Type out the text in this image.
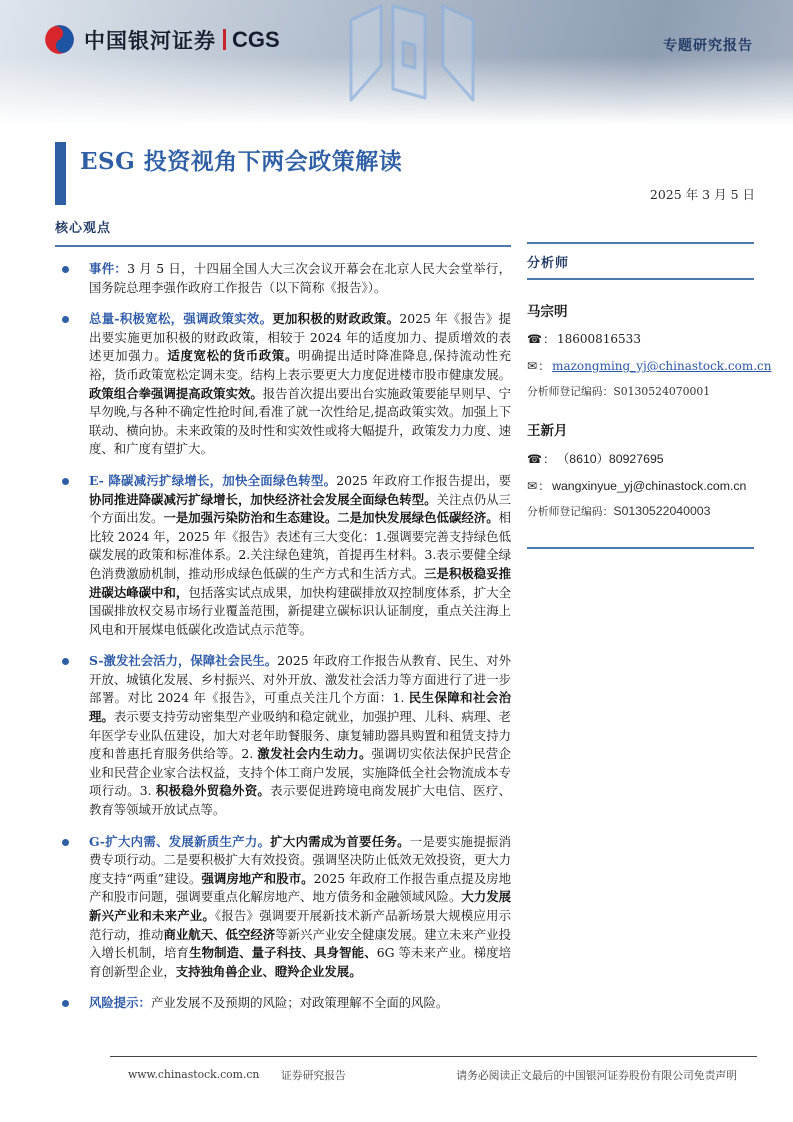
中国银河证券 CGS	专题研究报告
ESG 投资视角下两会政策解读
2025 年 3 月 5 日
核心观点
事件：3 月 5 日，十四届全国人大三次会议开幕会在北京人民大会堂举行，国务院总理李强作政府工作报告（以下简称《报告》）。
总量-积极宽松，强调政策实效。更加积极的财政政策。2025 年《报告》提出要实施更加积极的财政政策，相较于 2024 年的适度加力、提质增效的表述更加强力。适度宽松的货币政策。明确提出适时降准降息,保持流动性充裕，货币政策宽松定调未变。结构上表示要更大力度促进楼市股市健康发展。政策组合拳强调提高政策实效。报告首次提出要出台实施政策要能早则早、宁早勿晚,与各种不确定性抢时间,看准了就一次性给足,提高政策实效。加强上下联动、横向协。未来政策的及时性和实效性或将大幅提升，政策发力力度、速度、和广度有望扩大。
E- 降碳减污扩绿增长，加快全面绿色转型。2025 年政府工作报告提出，要协同推进降碳减污扩绿增长，加快经济社会发展全面绿色转型。关注点仍从三个方面出发。一是加强污染防治和生态建设。二是加快发展绿色低碳经济。相比较 2024 年，2025 年《报告》表述有三大变化：1.强调要完善支持绿色低碳发展的政策和标准体系。2.关注绿色建筑，首提再生材料。3.表示要健全绿色消费激励机制，推动形成绿色低碳的生产方式和生活方式。三是积极稳妥推进碳达峰碳中和，包括落实试点成果，加快构建碳排放双控制度体系，扩大全国碳排放权交易市场行业覆盖范围，新提建立碳标识认证制度，重点关注海上风电和开展煤电低碳化改造试点示范等。
S-激发社会活力，保障社会民生。2025 年政府工作报告从教育、民生、对外开放、城镇化发展、乡村振兴、对外开放、激发社会活力等方面进行了进一步部署。对比 2024 年《报告》，可重点关注几个方面：1. 民生保障和社会治理。表示要支持劳动密集型产业吸纳和稳定就业，加强护理、儿科、病理、老年医学专业队伍建设，加大对老年助餐服务、康复辅助器具购置和租赁支持力度和普惠托育服务供给等。2. 激发社会内生动力。强调切实依法保护民营企业和民营企业家合法权益，支持个体工商户发展，实施降低全社会物流成本专项行动。3. 积极稳外贸稳外资。表示要促进跨境电商发展扩大电信、医疗、教育等领域开放试点等。
G-扩大内需、发展新质生产力。扩大内需成为首要任务。一是要实施提振消费专项行动。二是要积极扩大有效投资。强调坚决防止低效无效投资，更大力度支持“两重”建设。强调房地产和股市。2025 年政府工作报告重点提及房地产和股市问题，强调要重点化解房地产、地方债务和金融领域风险。大力发展新兴产业和未来产业。《报告》强调要开展新技术新产品新场景大规模应用示范行动，推动商业航天、低空经济等新兴产业安全健康发展。建立未来产业投入增长机制，培育生物制造、量子科技、具身智能、6G 等未来产业。梯度培育创新型企业，支持独角兽企业、瞪羚企业发展。
风险提示：产业发展不及预期的风险；对政策理解不全面的风险。
分析师
马宗明
☎ ： 18600816533
✉ ： mazongming_yj@chinastock.com.cn
分析师登记编码：S0130524070001
王新月
☎ ： （8610）80927695
✉ ： wangxinyue_yj@chinastock.com.cn
分析师登记编码：S0130522040003
www.chinastock.com.cn 证券研究报告	请务必阅读正文最后的中国银河证券股份有限公司免责声明
